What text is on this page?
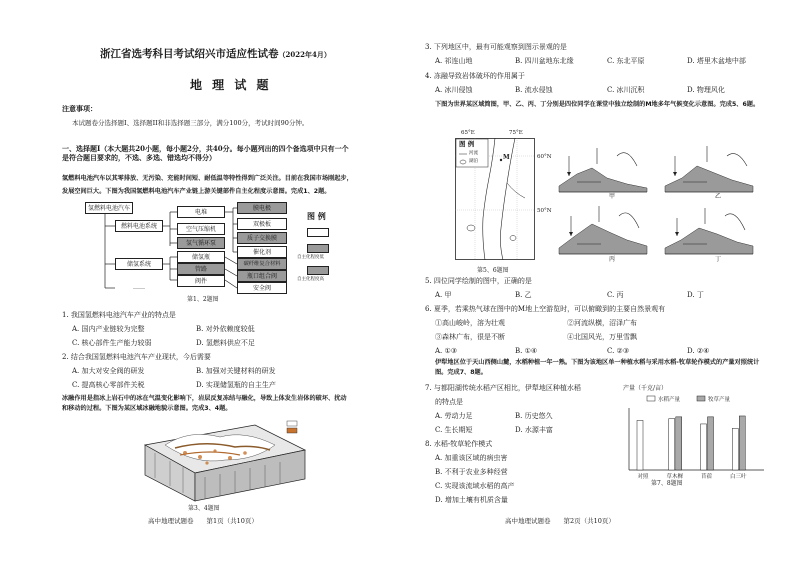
浙江省选考科目考试绍兴市适应性试卷（2022年4月）
地 理 试 题
注意事项：
本试题卷分选择题I、选择题II和非选择题三部分，满分100分，考试时间90分钟。
一、选择题Ⅰ（本大题共20小题，每小题2分，共40分。每小题列出的四个备选项中只有一个是符合题目要求的，不选、多选、错选均不得分）
氢燃料电池汽车以其零排放、无污染、充能时间短、耐低温等特性得到广泛关注。目前在我国市场刚起步，
发展空间巨大。下图为我国氢燃料电池汽车产业链上游关键部件自主化程度示意图。完成1、2题。
氢燃料电池汽车
燃料电池系统
储氢系统
……
电堆
空气压缩机
氢气循环泵
储氢瓶
管路
阀件
膜电极
双极板
质子交换膜
催化剂
碳纤维复合材料
瓶口组合阀
安全阀
图 例
自主化程度低
自主化程度高
第1、2题图
1. 我国氢燃料电池汽车产业的特点是
A. 国内产业链较为完整	B. 对外依赖度较低
C. 核心部件生产能力较弱	D. 氢燃料供应不足
2. 结合我国氢燃料电池汽车产业现状，今后需要
A. 加大对安全阀的研发	B. 加强对关键材料的研发
C. 提高核心零部件关税	D. 实现储氢瓶的自主生产
冰融作用是指冰上岩石中的冰在气温变化影响下，岩层反复冻结与融化，导致上体发生岩体的破坏、扰动和移动的过程。下图为某区域冰融地貌示意图。完成3、4题。
第3、4题图
高中地理试题卷　　第1页（共10页）
3. 下列地区中，最有可能观察到图示景观的是
A. 祁连山地	B. 四川盆地东北缘	C. 东北平原	D. 塔里木盆地中部
4. 冻融导致岩体破坏的作用属于
A. 冰川侵蚀	B. 流水侵蚀	C. 冰川沉积	D. 物理风化
下图为世界某区域简图，甲、乙、丙、丁分别是四位同学在课堂中独立绘制的M地多年气候变化示意图。完成5、6题。
65°E	75°E
图 例
河流
湖泊
M	60°N
50°N
第5、6题图
甲	乙
丙	丁
5. 四位同学绘制的图中，正确的是
A. 甲	B. 乙	C. 丙	D. 丁
6. 夏季，若乘热气球在图中的M地上空游览时，可以俯瞰到的主要自然景观有
①高山峻岭，溶为壮观	②河流纵横，沼泽广布
③森林广布，很是不断	④北国风光，万里雪飘
A. ①③	B. ①④	C. ②③	D. ②④
伊犁地区位于天山西侧山麓，水稻种植一年一熟。下图为该地区单一种植水稻与采用水稻-牧草轮作模式的产量对照统计图。完成7、8题。
7. 与都阳湖传统水稻产区相比，伊犁地区种植水稻
的特点是
A. 劳动力足	B. 历史悠久
C. 生长期短	D. 水源丰富
8. 水稻-牧草轮作模式
A. 加重该区域的病虫害
B. 不利于农业多种经营
C. 实现该流域水稻的高产
D. 增加土壤有机质含量
产量（千克/亩）
水稻产量	牧草产量
对照	草木樨	苜蓿	白三叶
第7、8题图
高中地理试题卷　　第2页（共10页）
